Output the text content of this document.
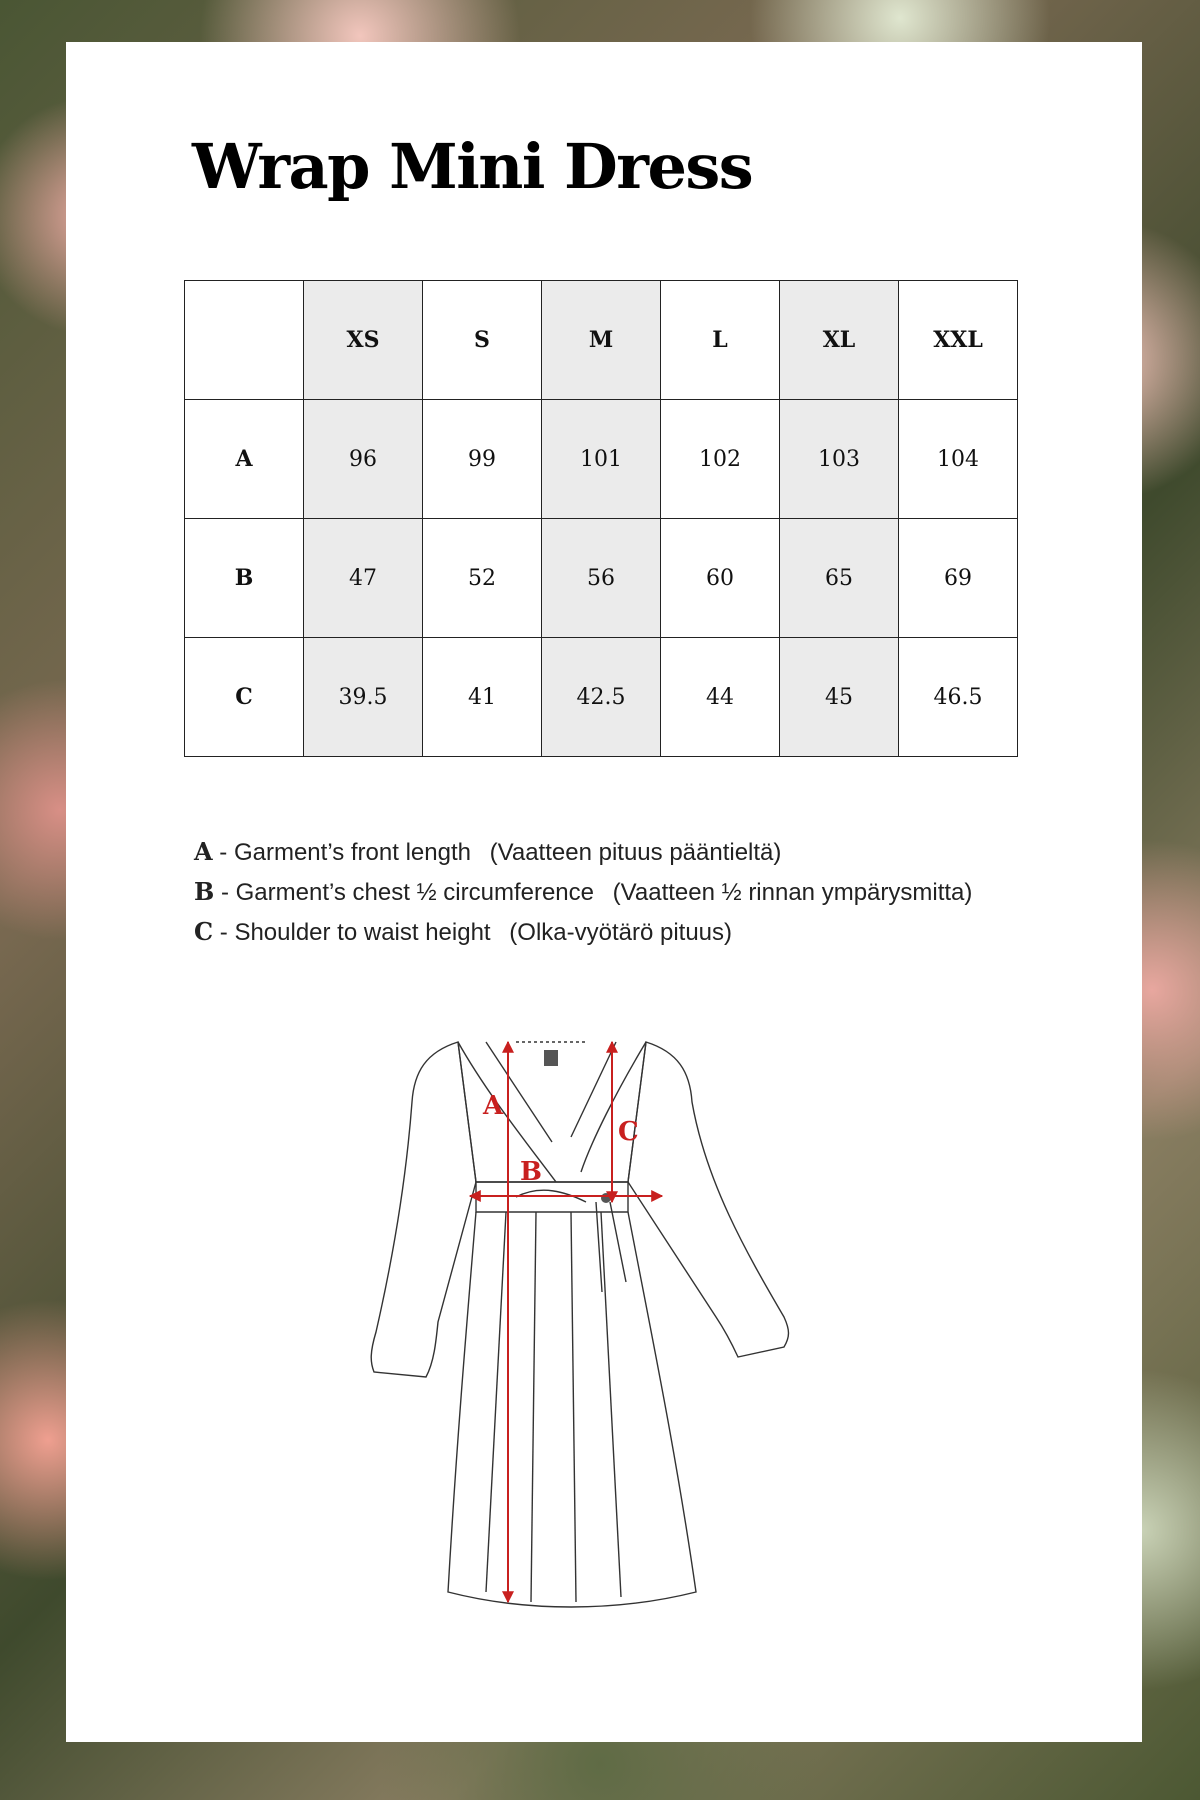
Wrap Mini Dress
	XS	S	M	L	XL	XXL
A	96	99	101	102	103	104
B	47	52	56	60	65	69
C	39.5	41	42.5	44	45	46.5
A - Garment’s front length (Vaatteen pituus pääntieltä)
B - Garment’s chest ½ circumference (Vaatteen ½ rinnan ympärysmitta)
C - Shoulder to waist height (Olka-vyötärö pituus)
A
B
C
